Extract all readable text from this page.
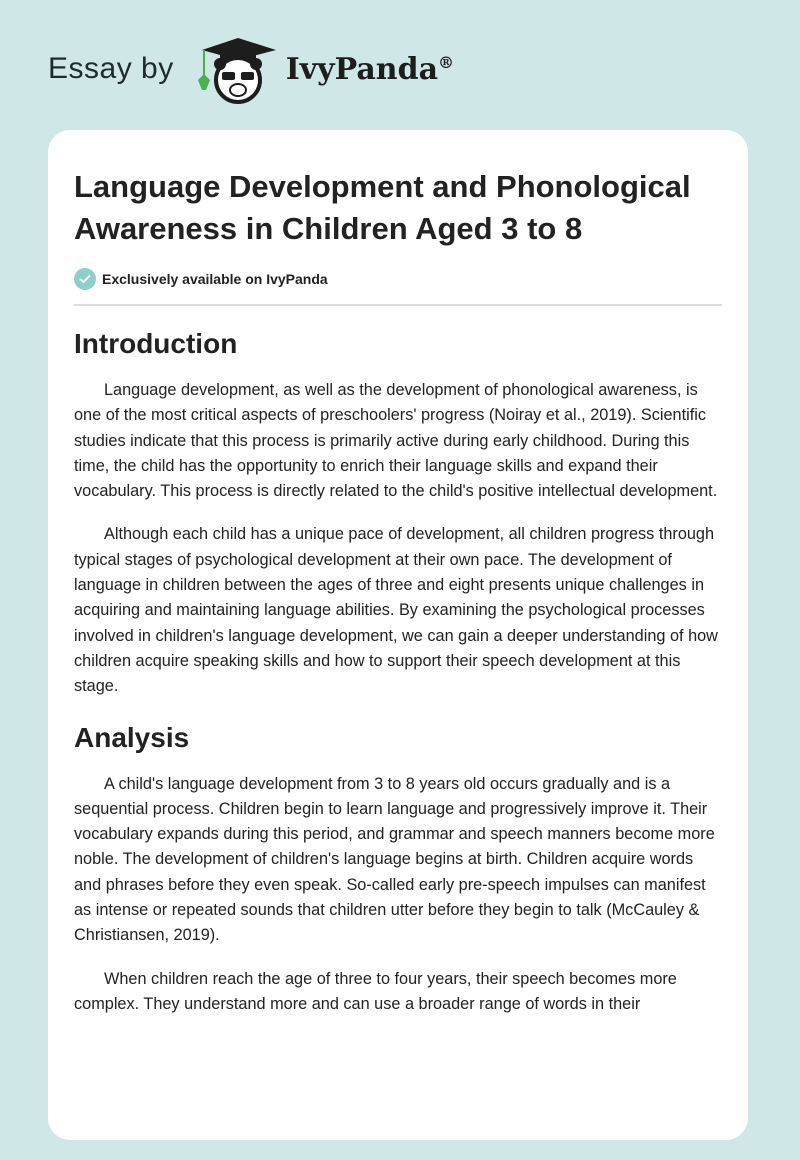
Essay by	IvyPanda®
Language Development and Phonological Awareness in Children Aged 3 to 8
Exclusively available on IvyPanda
Introduction

Language development, as well as the development of phonological awareness, is one of the most critical aspects of preschoolers' progress (Noiray et al., 2019). Scientific studies indicate that this process is primarily active during early childhood. During this time, the child has the opportunity to enrich their language skills and expand their vocabulary. This process is directly related to the child's positive intellectual development.

Although each child has a unique pace of development, all children progress through typical stages of psychological development at their own pace. The development of language in children between the ages of three and eight presents unique challenges in acquiring and maintaining language abilities. By examining the psychological processes involved in children's language development, we can gain a deeper understanding of how children acquire speaking skills and how to support their speech development at this stage.

Analysis

A child's language development from 3 to 8 years old occurs gradually and is a sequential process. Children begin to learn language and progressively improve it. Their vocabulary expands during this period, and grammar and speech manners become more noble. The development of children's language begins at birth. Children acquire words and phrases before they even speak. So-called early pre-speech impulses can manifest as intense or repeated sounds that children utter before they begin to talk (McCauley & Christiansen, 2019).

When children reach the age of three to four years, their speech becomes more complex. They understand more and can use a broader range of words in their
